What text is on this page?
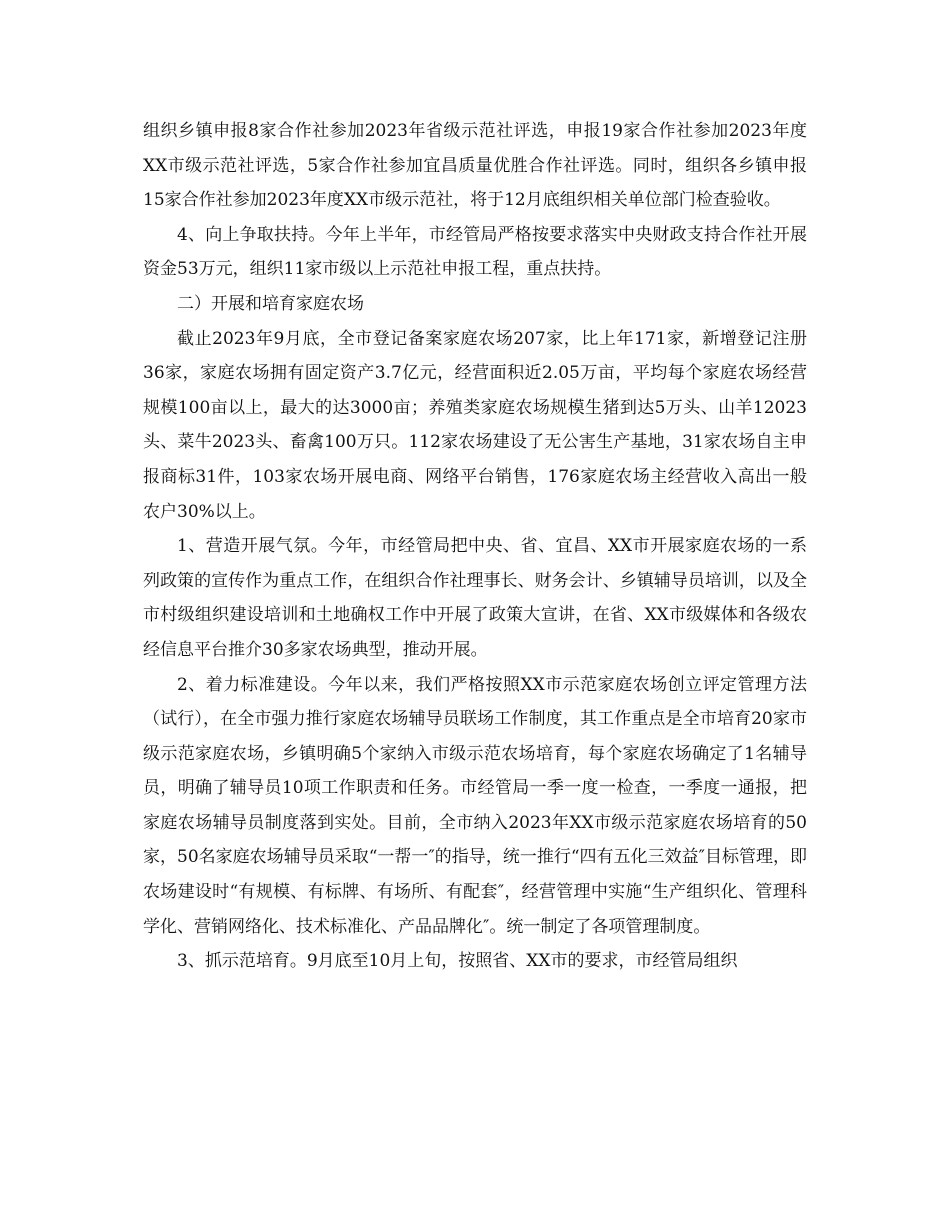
组织乡镇申报8家合作社参加2023年省级示范社评选，申报19家合作社参加2023年度XX市级示范社评选，5家合作社参加宜昌质量优胜合作社评选。同时，组织各乡镇申报15家合作社参加2023年度XX市级示范社，将于12月底组织相关单位部门检查验收。

4、向上争取扶持。今年上半年，市经管局严格按要求落实中央财政支持合作社开展资金53万元，组织11家市级以上示范社申报工程，重点扶持。

二）开展和培育家庭农场

截止2023年9月底，全市登记备案家庭农场207家，比上年171家，新增登记注册36家，家庭农场拥有固定资产3.7亿元，经营面积近2.05万亩，平均每个家庭农场经营规模100亩以上，最大的达3000亩；养殖类家庭农场规模生猪到达5万头、山羊12023头、菜牛2023头、畜禽100万只。112家农场建设了无公害生产基地，31家农场自主申报商标31件，103家农场开展电商、网络平台销售，176家庭农场主经营收入高出一般农户30%以上。

1、营造开展气氛。今年，市经管局把中央、省、宜昌、XX市开展家庭农场的一系列政策的宣传作为重点工作，在组织合作社理事长、财务会计、乡镇辅导员培训，以及全市村级组织建设培训和土地确权工作中开展了政策大宣讲，在省、XX市级媒体和各级农经信息平台推介30多家农场典型，推动开展。

2、着力标准建设。今年以来，我们严格按照XX市示范家庭农场创立评定管理方法（试行），在全市强力推行家庭农场辅导员联场工作制度，其工作重点是全市培育20家市级示范家庭农场，乡镇明确5个家纳入市级示范农场培育，每个家庭农场确定了1名辅导员，明确了辅导员10项工作职责和任务。市经管局一季一度一检查，一季度一通报，把家庭农场辅导员制度落到实处。目前，全市纳入2023年XX市级示范家庭农场培育的50家，50名家庭农场辅导员采取“一帮一″的指导，统一推行“四有五化三效益″目标管理，即农场建设时“有规模、有标牌、有场所、有配套″，经营管理中实施“生产组织化、管理科学化、营销网络化、技术标准化、产品品牌化″。统一制定了各项管理制度。

3、抓示范培育。9月底至10月上旬，按照省、XX市的要求，市经管局组织
